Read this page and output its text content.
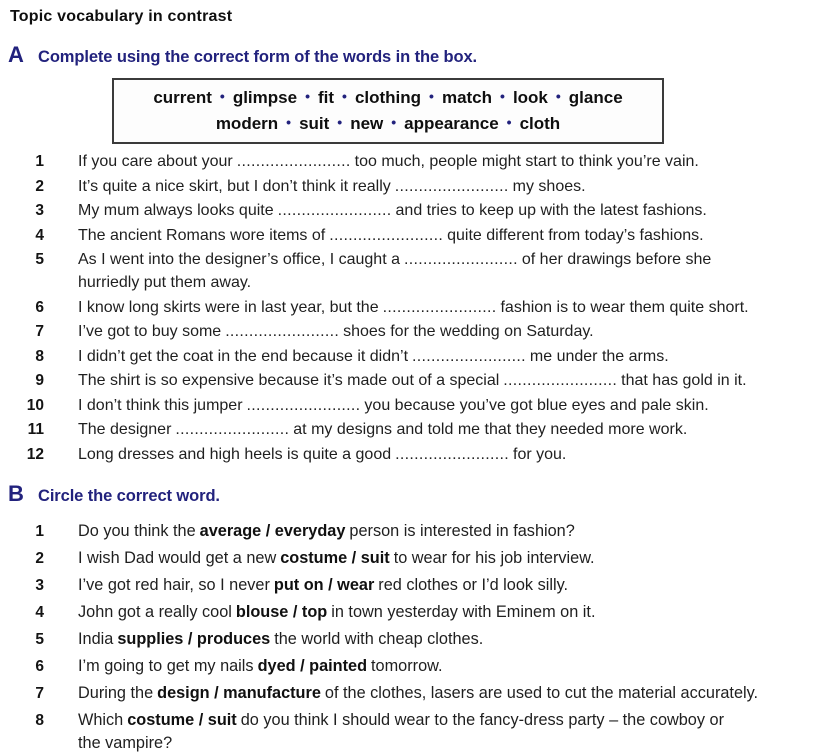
Topic vocabulary in contrast
A Complete using the correct form of the words in the box.
current • glimpse • fit • clothing • match • look • glance
modern • suit • new • appearance • cloth
1 If you care about your ........................ too much, people might start to think you’re vain.
2 It’s quite a nice skirt, but I don’t think it really ........................ my shoes.
3 My mum always looks quite ........................ and tries to keep up with the latest fashions.
4 The ancient Romans wore items of ........................ quite different from today’s fashions.
5 As I went into the designer’s office, I caught a ........................ of her drawings before she
hurriedly put them away.
6 I know long skirts were in last year, but the ........................ fashion is to wear them quite short.
7 I’ve got to buy some ........................ shoes for the wedding on Saturday.
8 I didn’t get the coat in the end because it didn’t ........................ me under the arms.
9 The shirt is so expensive because it’s made out of a special ........................ that has gold in it.
10 I don’t think this jumper ........................ you because you’ve got blue eyes and pale skin.
11 The designer ........................ at my designs and told me that they needed more work.
12 Long dresses and high heels is quite a good ........................ for you.
B Circle the correct word.
1 Do you think the average / everyday person is interested in fashion?
2 I wish Dad would get a new costume / suit to wear for his job interview.
3 I’ve got red hair, so I never put on / wear red clothes or I’d look silly.
4 John got a really cool blouse / top in town yesterday with Eminem on it.
5 India supplies / produces the world with cheap clothes.
6 I’m going to get my nails dyed / painted tomorrow.
7 During the design / manufacture of the clothes, lasers are used to cut the material accurately.
8 Which costume / suit do you think I should wear to the fancy-dress party – the cowboy or
the vampire?
